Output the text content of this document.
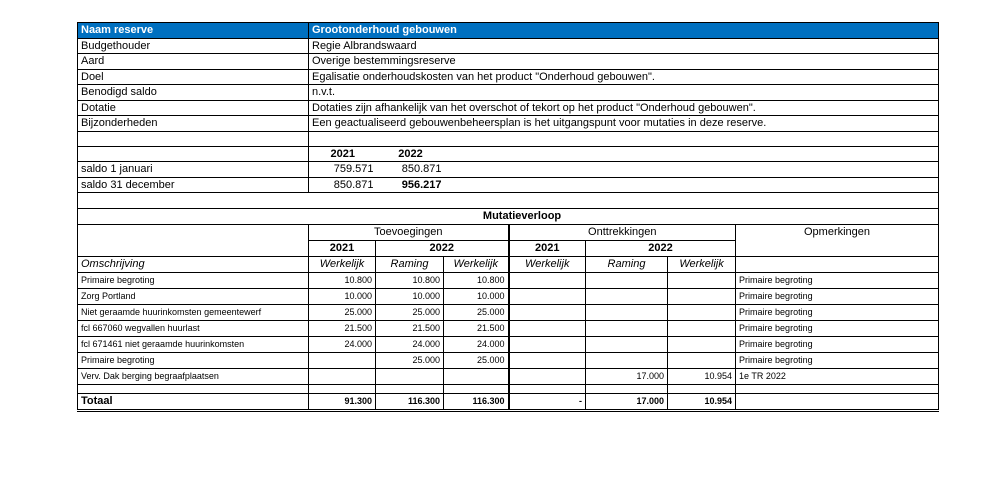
Naam reserve	Grootonderhoud gebouwen
Budgethouder	Regie Albrandswaard
Aard	Overige bestemmingsreserve
Doel	Egalisatie onderhoudskosten van het product "Onderhoud gebouwen".
Benodigd saldo	n.v.t.
Dotatie	Dotaties zijn afhankelijk van het overschot of tekort op het product "Onderhoud gebouwen".
Bijzonderheden	Een geactualiseerd gebouwenbeheersplan is het uitgangspunt voor mutaties in deze reserve.

	2021	2022	
saldo 1 januari	759.571	850.871	
saldo 31 december	850.871	956.217	

	Mutatieverloop						
	Toevoegingen			Onttrekkingen			Opmerkingen
	2021	2022		2021	2022		
Omschrijving	Werkelijk	Raming	Werkelijk	Werkelijk	Raming	Werkelijk	
Primaire begroting	10.800	10.800	10.800				Primaire begroting
Zorg Portland	10.000	10.000	10.000				Primaire begroting
Niet geraamde huurinkomsten gemeentewerf	25.000	25.000	25.000				Primaire begroting
fcl 667060 wegvallen huurlast	21.500	21.500	21.500				Primaire begroting
fcl 671461 niet geraamde huurinkomsten	24.000	24.000	24.000				Primaire begroting
Primaire begroting		25.000	25.000				Primaire begroting
Verv. Dak berging begraafplaatsen					17.000	10.954	1e TR 2022

Totaal	91.300	116.300	116.300	-	17.000	10.954	
